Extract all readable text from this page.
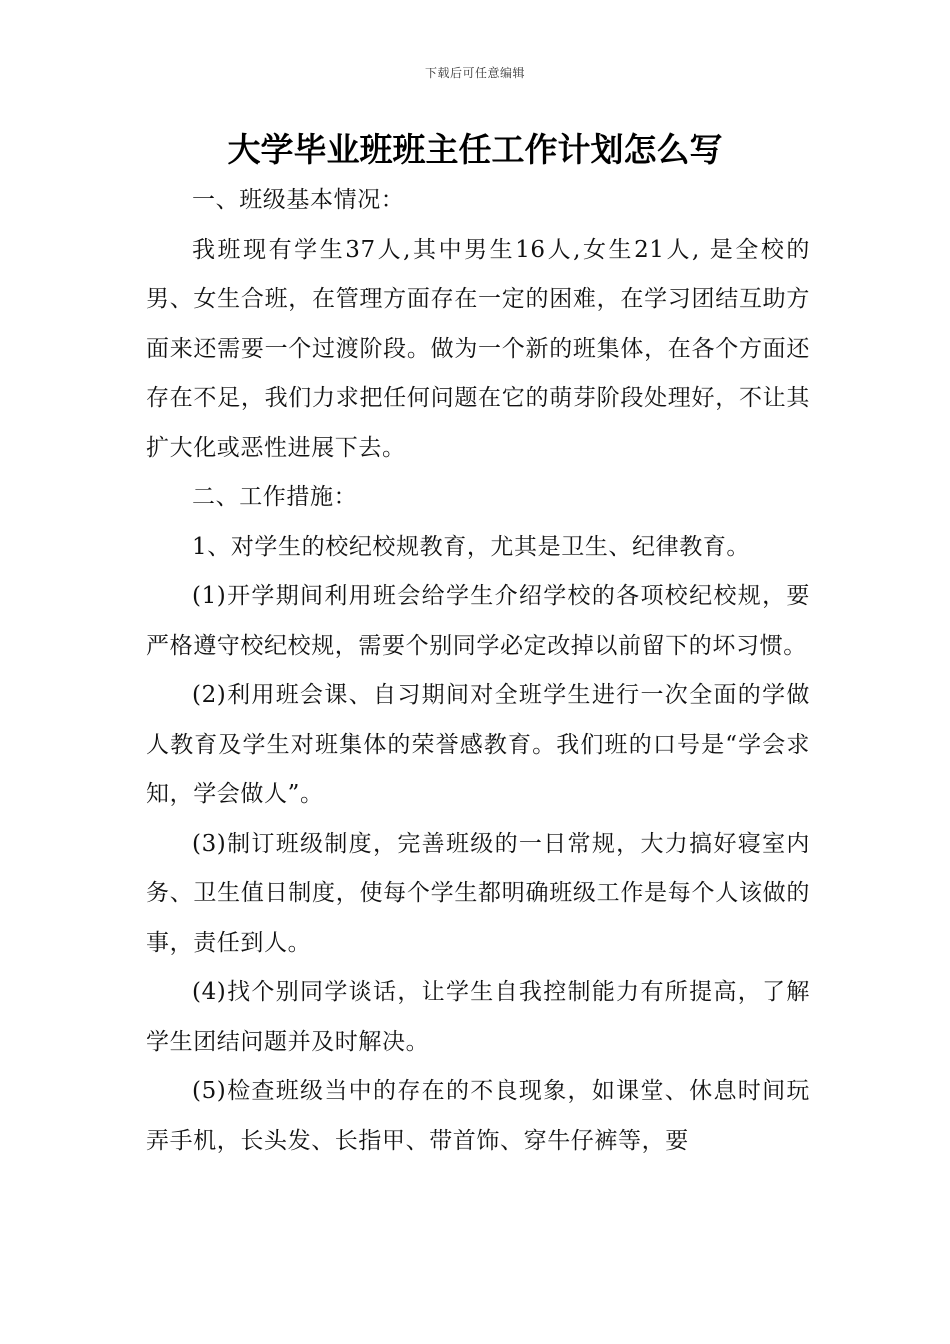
下载后可任意编辑
大学毕业班班主任工作计划怎么写

一、班级基本情况：

我班现有学生37人,其中男生16人,女生21人, 是全校的男、女生合班，在管理方面存在一定的困难，在学习团结互助方面来还需要一个过渡阶段。做为一个新的班集体，在各个方面还存在不足，我们力求把任何问题在它的萌芽阶段处理好，不让其扩大化或恶性进展下去。

二、工作措施：

1、对学生的校纪校规教育，尤其是卫生、纪律教育。

(1)开学期间利用班会给学生介绍学校的各项校纪校规，要严格遵守校纪校规，需要个别同学必定改掉以前留下的坏习惯。

(2)利用班会课、自习期间对全班学生进行一次全面的学做人教育及学生对班集体的荣誉感教育。我们班的口号是“学会求知，学会做人”。

(3)制订班级制度，完善班级的一日常规，大力搞好寝室内务、卫生值日制度，使每个学生都明确班级工作是每个人该做的事，责任到人。

(4)找个别同学谈话，让学生自我控制能力有所提高，了解学生团结问题并及时解决。

(5)检查班级当中的存在的不良现象，如课堂、休息时间玩弄手机，长头发、长指甲、带首饰、穿牛仔裤等，要
